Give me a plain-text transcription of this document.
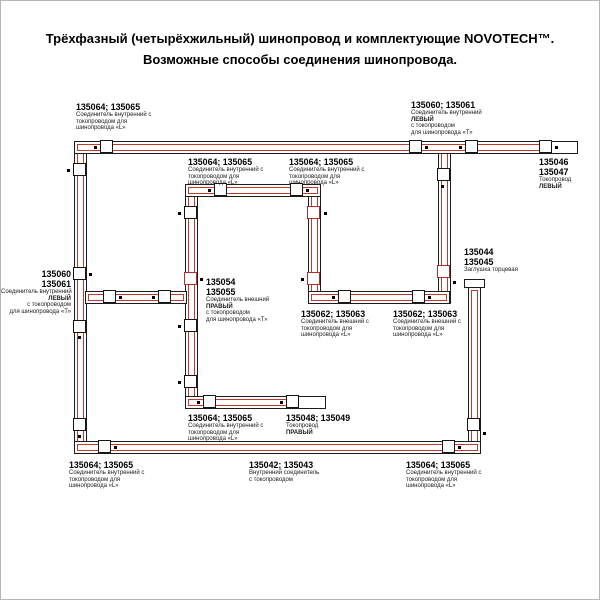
Трёхфазный (четырёхжильный) шинопровод и комплектующие NOVOTECH™.
Возможные способы соединения шинопровода.
135064; 135065
Соединитель внутренний с
токопроводом для
шинопровода «L»
135060; 135061
Соединитель внутренний
ЛЕВЫЙ
с токопроводом
для шинопровода «Т»
135064; 135065
Соединитель внутренний с
токопроводом для
шинопровода «L»
135064; 135065
Соединитель внутренний с
токопроводом для
шинопровода «L»
135046
135047
Токопровод
ЛЕВЫЙ
135044
135045
Заглушка торцевая
135060
135061
Соединитель внутренний
ЛЕВЫЙ
с токопроводом
для шинопровода «Т»
135054
135055
Соединитель внешний
ПРАВЫЙ
с токопроводом
для шинопровода «Т»
135062; 135063
Соединитель внешний с
токопроводом для
шинопровода «L»
135062; 135063
Соединитель внешний с
токопроводом для
шинопровода «L»
135064; 135065
Соединитель внутренний с
токопроводом для
шинопровода «L»
135048; 135049
Токопровод
ПРАВЫЙ
135064; 135065
Соединитель внутренний с
токопроводом для
шинопровода «L»
135042; 135043
Внутренний соединитель
с токопроводом
135064; 135065
Соединитель внутренний с
токопроводом для
шинопровода «L»
